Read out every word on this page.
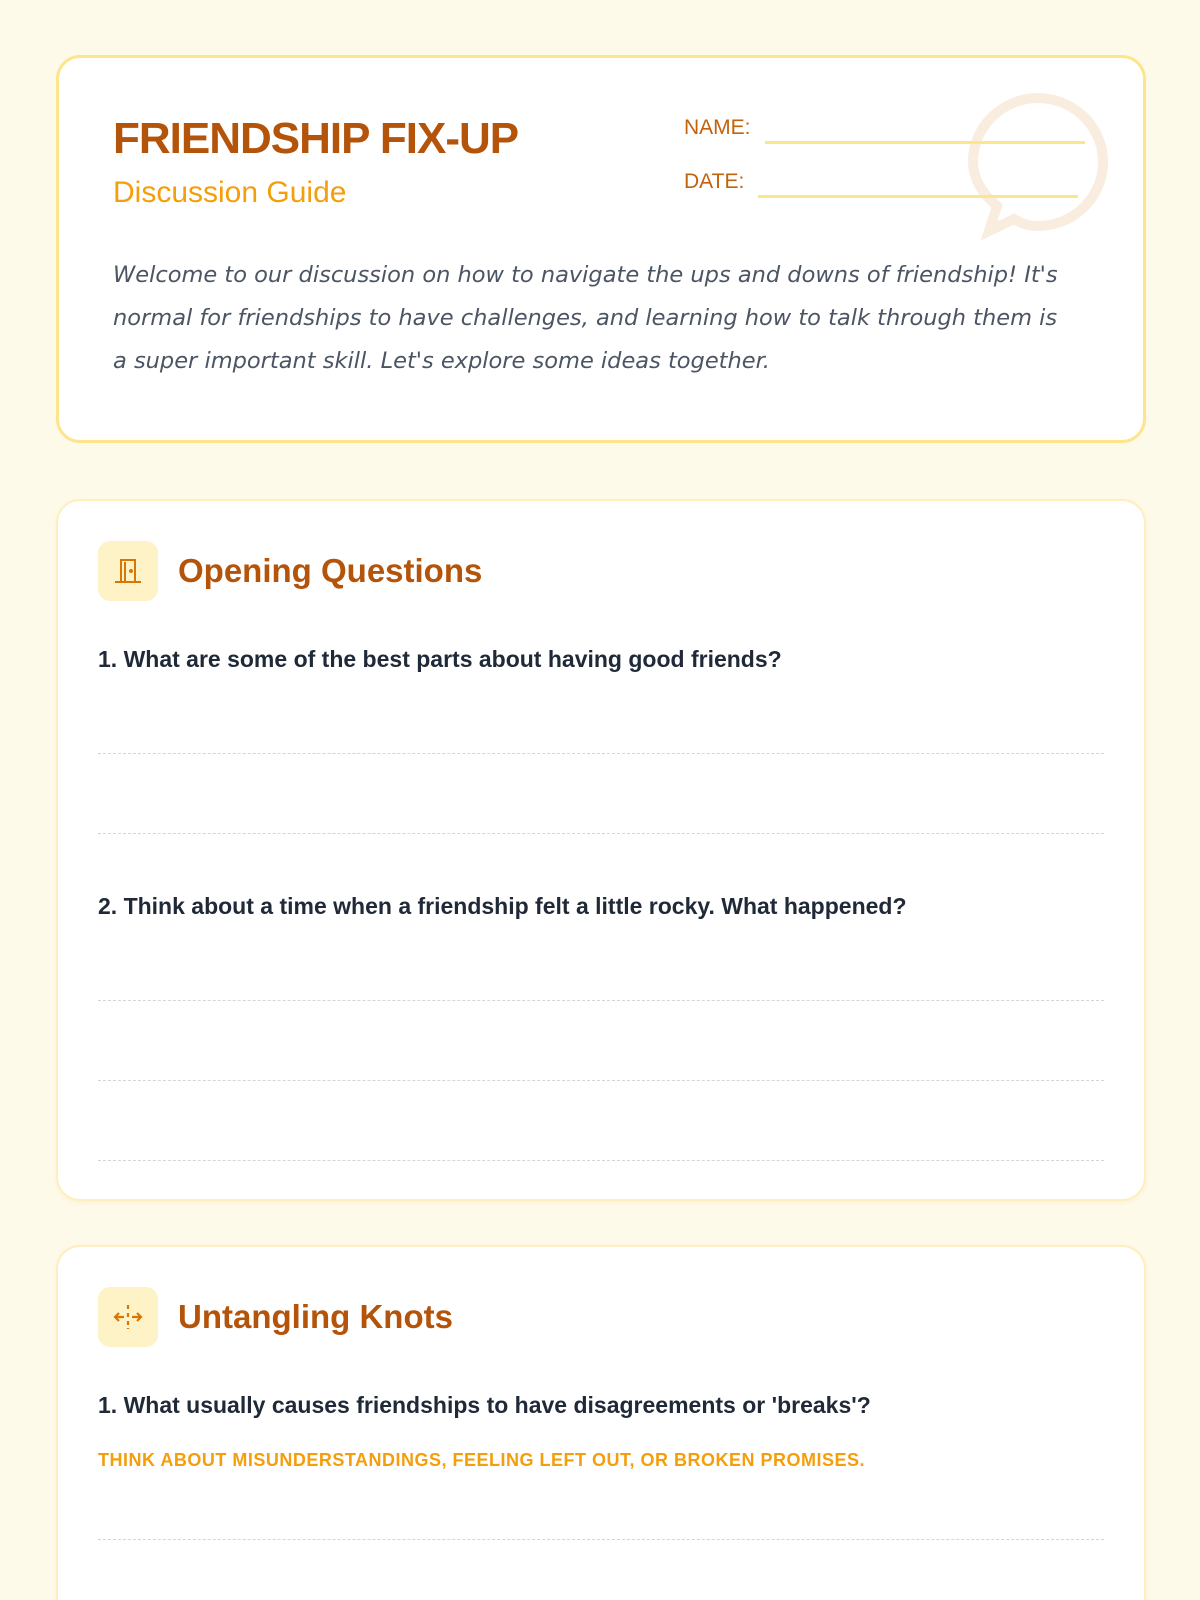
FRIENDSHIP FIX-UP
Discussion Guide
NAME:
DATE:
Welcome to our discussion on how to navigate the ups and downs of friendship! It's normal for friendships to have challenges, and learning how to talk through them is a super important skill. Let's explore some ideas together.
Opening Questions
1. What are some of the best parts about having good friends?
2. Think about a time when a friendship felt a little rocky. What happened?
Untangling Knots
1. What usually causes friendships to have disagreements or 'breaks'?
THINK ABOUT MISUNDERSTANDINGS, FEELING LEFT OUT, OR BROKEN PROMISES.
